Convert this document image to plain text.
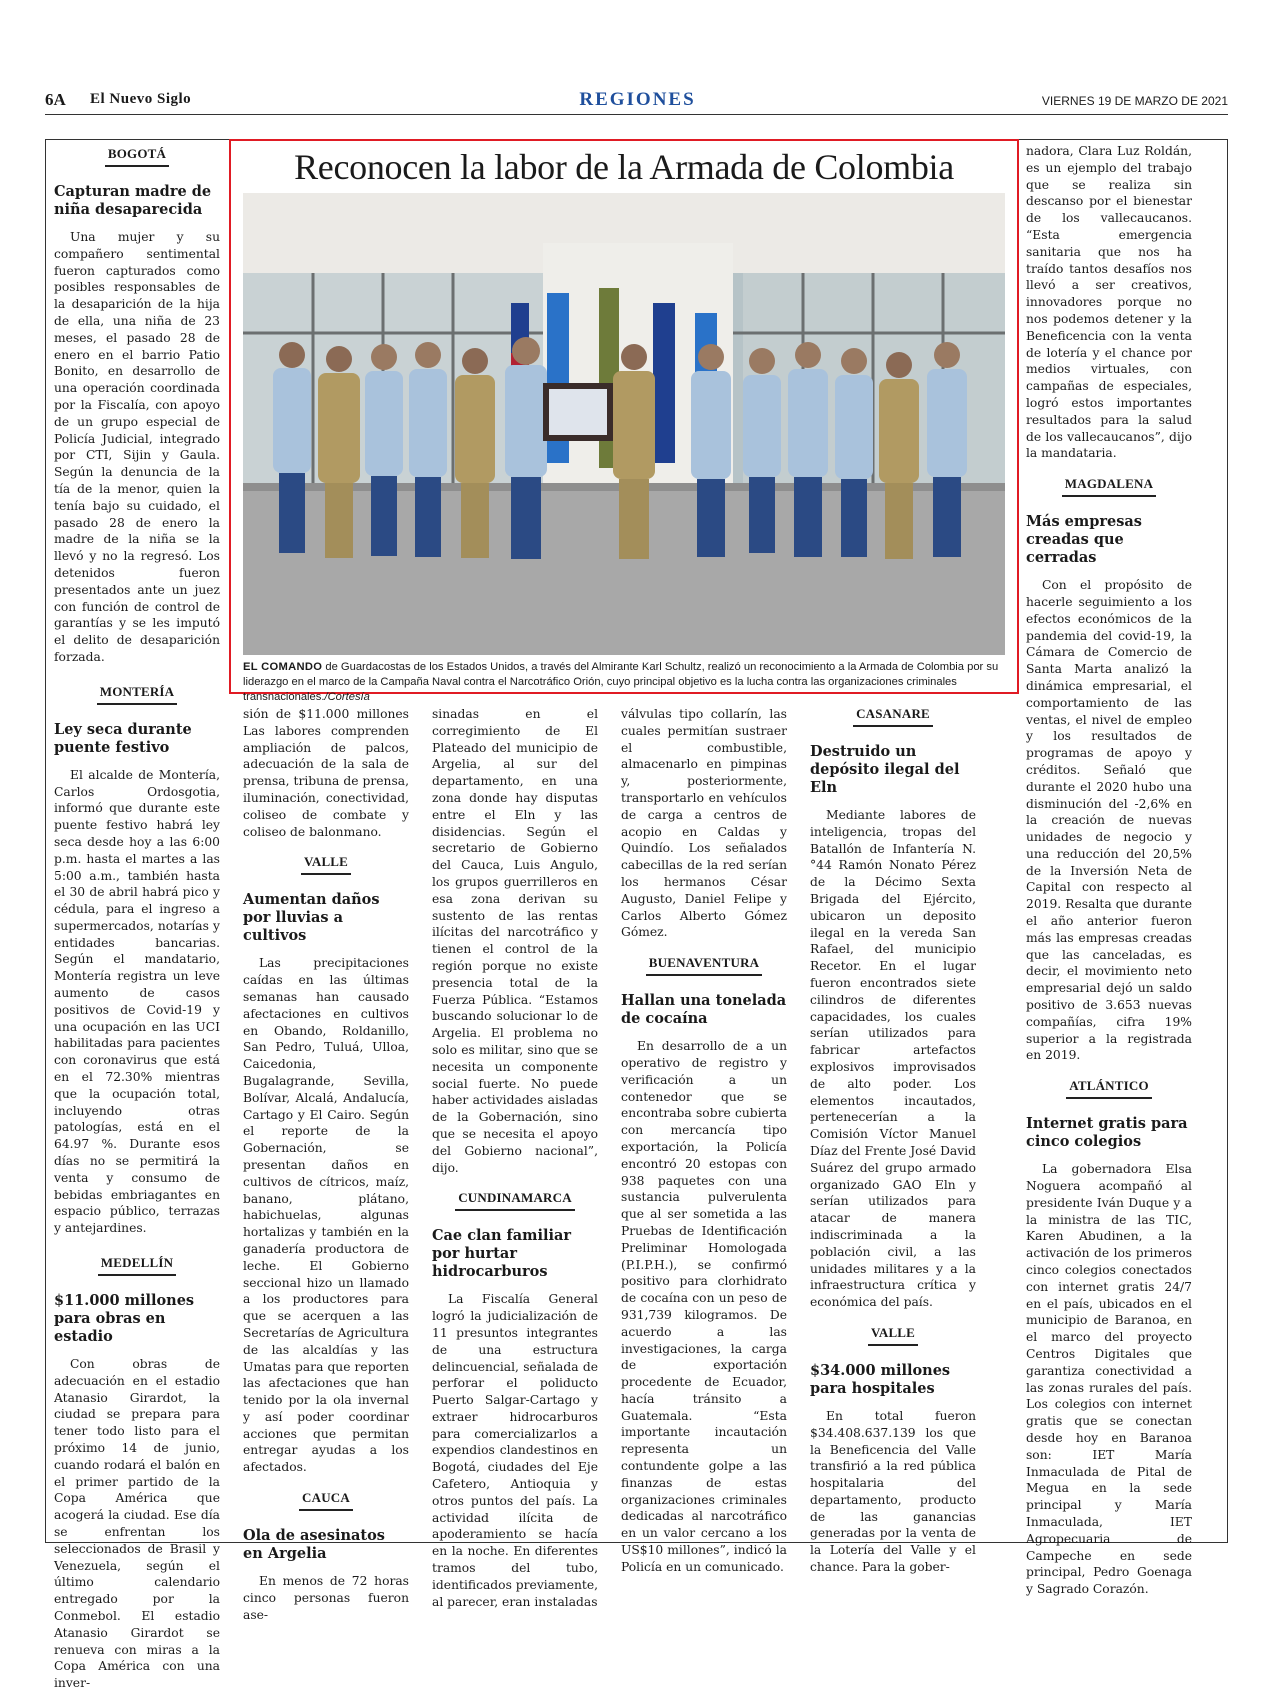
6A El Nuevo Siglo	REGIONES	VIERNES 19 DE MARZO DE 2021
Reconocen la labor de la Armada de Colombia
EL COMANDO de Guardacostas de los Estados Unidos, a través del Almirante Karl Schultz, realizó un reconocimiento a la Armada de Colombia por su liderazgo en el marco de la Campaña Naval contra el Narcotráfico Orión, cuyo principal objetivo es la lucha contra las organizaciones criminales transnacionales./Cortesía
BOGOTÁ
Capturan madre de niña desaparecida

Una mujer y su compañero sentimental fueron capturados como posibles responsables de la desaparición de la hija de ella, una niña de 23 meses, el pasado 28 de enero en el barrio Patio Bonito, en desarrollo de una operación coordinada por la Fiscalía, con apoyo de un grupo especial de Policía Judicial, integrado por CTI, Sijin y Gaula. Según la denuncia de la tía de la menor, quien la tenía bajo su cuidado, el pasado 28 de enero la madre de la niña se la llevó y no la regresó. Los detenidos fueron presentados ante un juez con función de control de garantías y se les imputó el delito de desaparición forzada.

MONTERÍA
Ley seca durante puente festivo

El alcalde de Montería, Carlos Ordosgotia, informó que durante este puente festivo habrá ley seca desde hoy a las 6:00 p.m. hasta el martes a las 5:00 a.m., también hasta el 30 de abril habrá pico y cédula, para el ingreso a supermercados, notarías y entidades bancarias. Según el mandatario, Montería registra un leve aumento de casos positivos de Covid-19 y una ocupación en las UCI habilitadas para pacientes con coronavirus que está en el 72.30% mientras que la ocupación total, incluyendo otras patologías, está en el 64.97 %. Durante esos días no se permitirá la venta y consumo de bebidas embriagantes en espacio público, terrazas y antejardines.

MEDELLÍN
$11.000 millones para obras en estadio

Con obras de adecuación en el estadio Atanasio Girardot, la ciudad se prepara para tener todo listo para el próximo 14 de junio, cuando rodará el balón en el primer partido de la Copa América que acogerá la ciudad. Ese día se enfrentan los seleccionados de Brasil y Venezuela, según el último calendario entregado por la Conmebol. El estadio Atanasio Girardot se renueva con miras a la Copa América con una inver-

sión de $11.000 millones Las labores comprenden ampliación de palcos, adecuación de la sala de prensa, tribuna de prensa, iluminación, conectividad, coliseo de combate y coliseo de balonmano.

VALLE
Aumentan daños por lluvias a cultivos

Las precipitaciones caídas en las últimas semanas han causado afectaciones en cultivos en Obando, Roldanillo, San Pedro, Tuluá, Ulloa, Caicedonia, Bugalagrande, Sevilla, Bolívar, Alcalá, Andalucía, Cartago y El Cairo. Según el reporte de la Gobernación, se presentan daños en cultivos de cítricos, maíz, banano, plátano, habichuelas, algunas hortalizas y también en la ganadería productora de leche. El Gobierno seccional hizo un llamado a los productores para que se acerquen a las Secretarías de Agricultura de las alcaldías y las Umatas para que reporten las afectaciones que han tenido por la ola invernal y así poder coordinar acciones que permitan entregar ayudas a los afectados.

CAUCA
Ola de asesinatos en Argelia

En menos de 72 horas cinco personas fueron ase-

sinadas en el corregimiento de El Plateado del municipio de Argelia, al sur del departamento, en una zona donde hay disputas entre el Eln y las disidencias. Según el secretario de Gobierno del Cauca, Luis Angulo, los grupos guerrilleros en esa zona derivan su sustento de las rentas ilícitas del narcotráfico y tienen el control de la región porque no existe presencia total de la Fuerza Pública. “Estamos buscando solucionar lo de Argelia. El problema no solo es militar, sino que se necesita un componente social fuerte. No puede haber actividades aisladas de la Gobernación, sino que se necesita el apoyo del Gobierno nacional”, dijo.

CUNDINAMARCA
Cae clan familiar por hurtar hidrocarburos

La Fiscalía General logró la judicialización de 11 presuntos integrantes de una estructura delincuencial, señalada de perforar el poliducto Puerto Salgar-Cartago y extraer hidrocarburos para comercializarlos a expendios clandestinos en Bogotá, ciudades del Eje Cafetero, Antioquia y otros puntos del país. La actividad ilícita de apoderamiento se hacía en la noche. En diferentes tramos del tubo, identificados previamente, al parecer, eran instaladas

válvulas tipo collarín, las cuales permitían sustraer el combustible, almacenarlo en pimpinas y, posteriormente, transportarlo en vehículos de carga a centros de acopio en Caldas y Quindío. Los señalados cabecillas de la red serían los hermanos César Augusto, Daniel Felipe y Carlos Alberto Gómez Gómez.

BUENAVENTURA
Hallan una tonelada de cocaína

En desarrollo de a un operativo de registro y verificación a un contenedor que se encontraba sobre cubierta con mercancía tipo exportación, la Policía encontró 20 estopas con 938 paquetes con una sustancia pulverulenta que al ser sometida a las Pruebas de Identificación Preliminar Homologada (P.I.P.H.), se confirmó positivo para clorhidrato de cocaína con un peso de 931,739 kilogramos. De acuerdo a las investigaciones, la carga de exportación procedente de Ecuador, hacía tránsito a Guatemala. “Esta importante incautación representa un contundente golpe a las finanzas de estas organizaciones criminales dedicadas al narcotráfico en un valor cercano a los US$10 millones”, indicó la Policía en un comunicado.

CASANARE
Destruido un depósito ilegal del Eln

Mediante labores de inteligencia, tropas del Batallón de Infantería N.°44 Ramón Nonato Pérez de la Décimo Sexta Brigada del Ejército, ubicaron un deposito ilegal en la vereda San Rafael, del municipio Recetor. En el lugar fueron encontrados siete cilindros de diferentes capacidades, los cuales serían utilizados para fabricar artefactos explosivos improvisados de alto poder. Los elementos incautados, pertenecerían a la Comisión Víctor Manuel Díaz del Frente José David Suárez del grupo armado organizado GAO Eln y serían utilizados para atacar de manera indiscriminada a la población civil, a las unidades militares y a la infraestructura crítica y económica del país.

VALLE
$34.000 millones para hospitales

En total fueron $34.408.637.139 los que la Beneficencia del Valle transfirió a la red pública hospitalaria del departamento, producto de las ganancias generadas por la venta de la Lotería del Valle y el chance. Para la gober-

nadora, Clara Luz Roldán, es un ejemplo del trabajo que se realiza sin descanso por el bienestar de los vallecaucanos. “Esta emergencia sanitaria que nos ha traído tantos desafíos nos llevó a ser creativos, innovadores porque no nos podemos detener y la Beneficencia con la venta de lotería y el chance por medios virtuales, con campañas de especiales, logró estos importantes resultados para la salud de los vallecaucanos”, dijo la mandataria.

MAGDALENA
Más empresas creadas que cerradas

Con el propósito de hacerle seguimiento a los efectos económicos de la pandemia del covid-19, la Cámara de Comercio de Santa Marta analizó la dinámica empresarial, el comportamiento de las ventas, el nivel de empleo y los resultados de programas de apoyo y créditos. Señaló que durante el 2020 hubo una disminución del -2,6% en la creación de nuevas unidades de negocio y una reducción del 20,5% de la Inversión Neta de Capital con respecto al 2019. Resalta que durante el año anterior fueron más las empresas creadas que las canceladas, es decir, el movimiento neto empresarial dejó un saldo positivo de 3.653 nuevas compañías, cifra 19% superior a la registrada en 2019.

ATLÁNTICO
Internet gratis para cinco colegios

La gobernadora Elsa Noguera acompañó al presidente Iván Duque y a la ministra de las TIC, Karen Abudinen, a la activación de los primeros cinco colegios conectados con internet gratis 24/7 en el país, ubicados en el municipio de Baranoa, en el marco del proyecto Centros Digitales que garantiza conectividad a las zonas rurales del país. Los colegios con internet gratis que se conectan desde hoy en Baranoa son: IET María Inmaculada de Pital de Megua en la sede principal y María Inmaculada, IET Agropecuaria de Campeche en sede principal, Pedro Goenaga y Sagrado Corazón.
